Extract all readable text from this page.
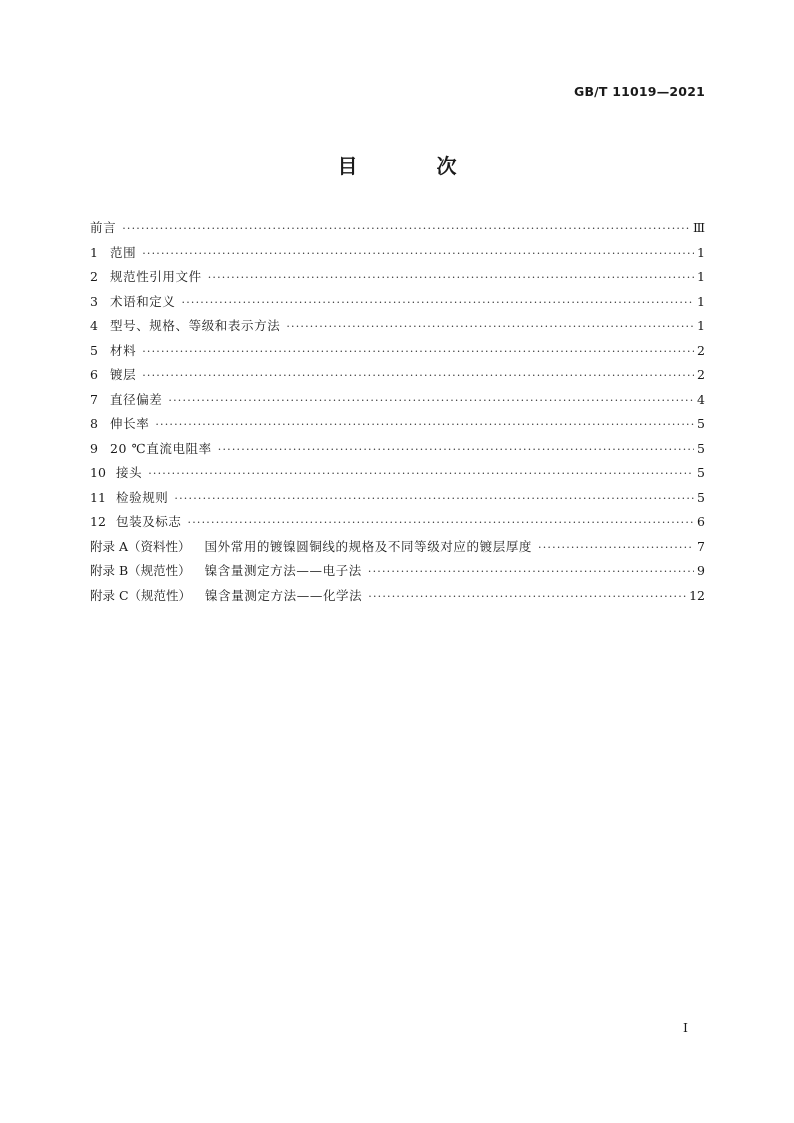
GB/T 11019—2021
目 次
前言 ·····	Ⅲ
1 范围 ·····	1
2 规范性引用文件 ·····	1
3 术语和定义 ·····	1
4 型号、规格、等级和表示方法 ·····	1
5 材料 ·····	2
6 镀层 ·····	2
7 直径偏差 ·····	4
8 伸长率 ·····	5
9 20 ℃直流电阻率 ·····	5
10 接头 ·····	5
11 检验规则 ·····	5
12 包装及标志 ·····	6
附录 A（资料性） 国外常用的镀镍圆铜线的规格及不同等级对应的镀层厚度 ·····	7
附录 B（规范性） 镍含量测定方法——电子法 ·····	9
附录 C（规范性） 镍含量测定方法——化学法 ·····	12
I
